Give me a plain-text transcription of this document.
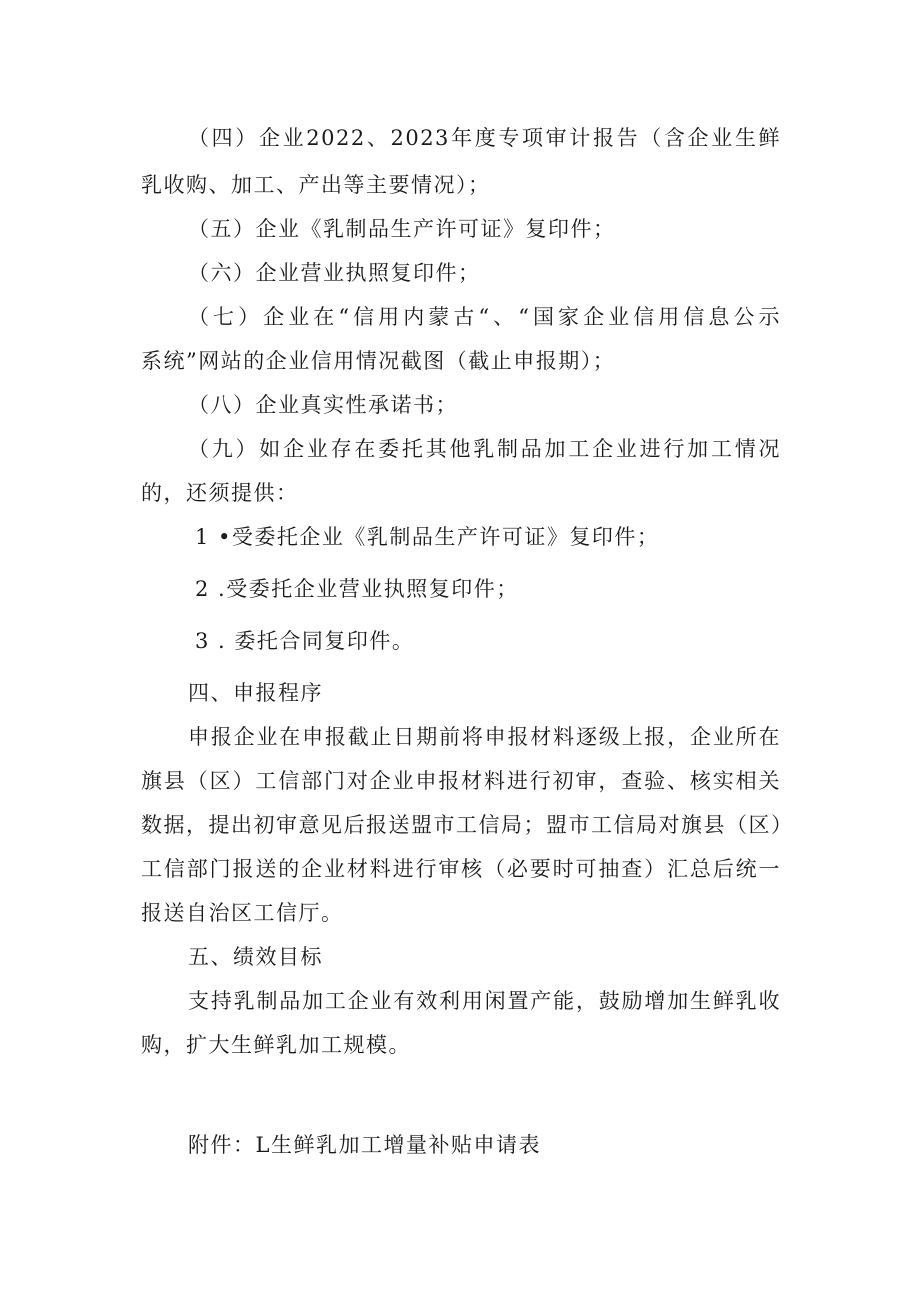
（四）企业2022、2023年度专项审计报告（含企业生鲜
乳收购、加工、产出等主要情况）；
（五）企业《乳制品生产许可证》复印件；
（六）企业营业执照复印件；
（七）企业在“信用内蒙古“、“国家企业信用信息公示
系统”网站的企业信用情况截图（截止申报期）；
（八）企业真实性承诺书；
（九）如企业存在委托其他乳制品加工企业进行加工情况
的，还须提供：
1 •受委托企业《乳制品生产许可证》复印件；
2 .受委托企业营业执照复印件；
3 . 委托合同复印件。
四、申报程序
申报企业在申报截止日期前将申报材料逐级上报，企业所在
旗县（区）工信部门对企业申报材料进行初审，查验、核实相关
数据，提出初审意见后报送盟市工信局；盟市工信局对旗县（区）
工信部门报送的企业材料进行审核（必要时可抽查）汇总后统一
报送自治区工信厅。
五、绩效目标
支持乳制品加工企业有效利用闲置产能，鼓励增加生鲜乳收
购，扩大生鲜乳加工规模。
附件：L生鲜乳加工增量补贴申请表
